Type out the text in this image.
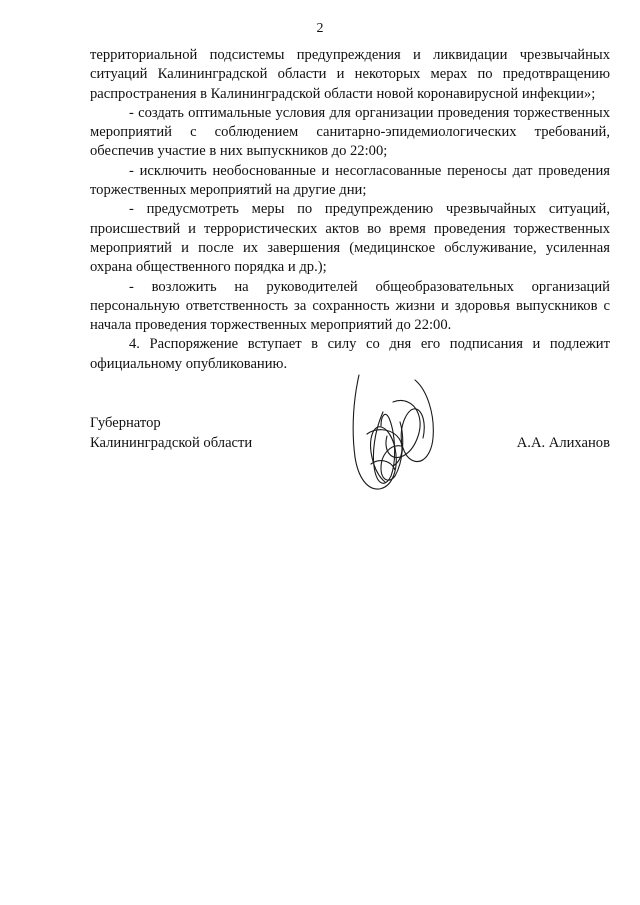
2

территориальной подсистемы предупреждения и ликвидации чрезвычайных ситуаций Калининградской области и некоторых мерах по предотвращению распространения в Калининградской области новой коронавирусной инфекции»;

- создать оптимальные условия для организации проведения торжественных мероприятий с соблюдением санитарно-эпидемиологических требований, обеспечив участие в них выпускников до 22:00;

- исключить необоснованные и несогласованные переносы дат проведения торжественных мероприятий на другие дни;

- предусмотреть меры по предупреждению чрезвычайных ситуаций, происшествий и террористических актов во время проведения торжественных мероприятий и после их завершения (медицинское обслуживание, усиленная охрана общественного порядка и др.);

- возложить на руководителей общеобразовательных организаций персональную ответственность за сохранность жизни и здоровья выпускников с начала проведения торжественных мероприятий до 22:00.

4. Распоряжение вступает в силу со дня его подписания и подлежит официальному опубликованию.

Губернатор
Калининградской области	А.А. Алиханов
